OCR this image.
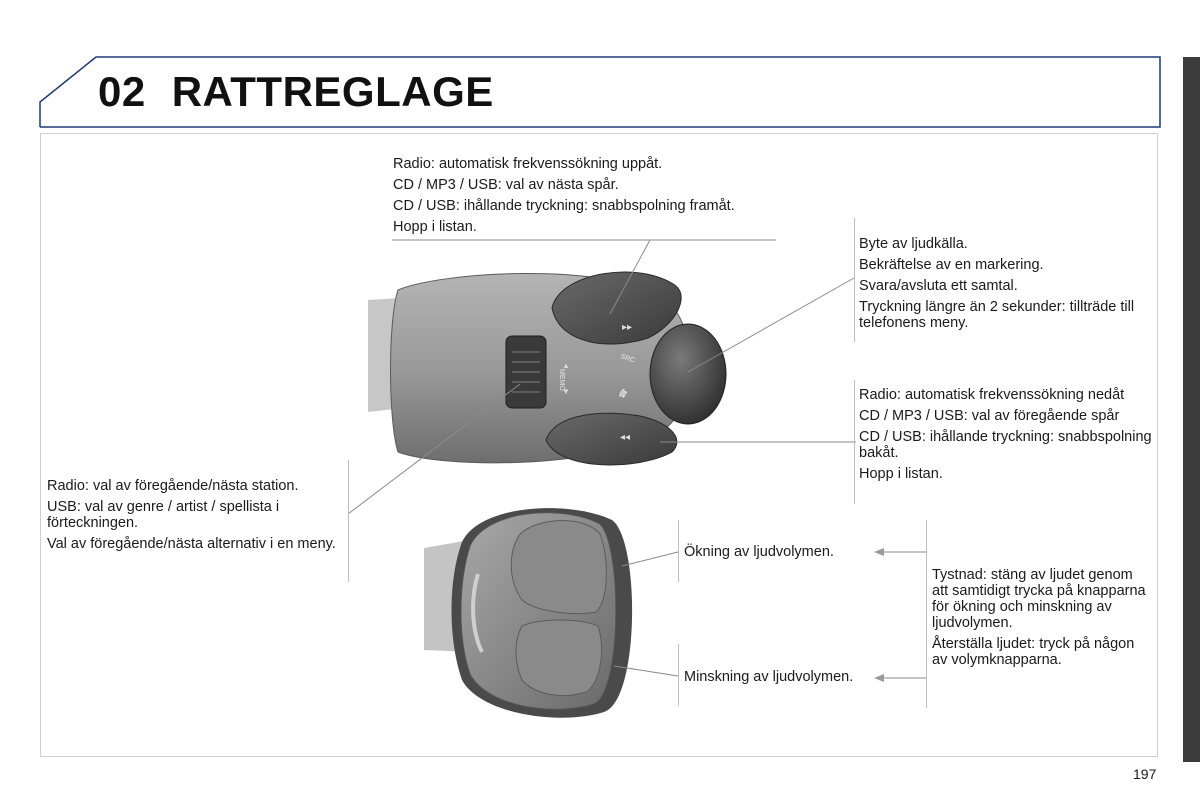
02 RATTREGLAGE
▸▸
◂◂
☎
SRC
▲
MEMO
▼

Radio: automatisk frekvenssökning uppåt.

CD / MP3 / USB: val av nästa spår.

CD / USB: ihållande tryckning: snabbspolning framåt.

Hopp i listan.

Byte av ljudkälla.

Bekräftelse av en markering.

Svara/avsluta ett samtal.

Tryckning längre än 2 sekunder: tillträde till telefonens meny.

Radio: automatisk frekvenssökning nedåt

CD / MP3 / USB: val av föregående spår

CD / USB: ihållande tryckning: snabbspolning bakåt.

Hopp i listan.

Radio: val av föregående/nästa station.

USB: val av genre / artist / spellista i förteckningen.

Val av föregående/nästa alternativ i en meny.	Ökning av ljudvolymen.

Minskning av ljudvolymen.

Tystnad: stäng av ljudet genom att samtidigt trycka på knapparna för ökning och minskning av ljudvolymen.

Återställa ljudet: tryck på någon av volymknapparna.

197
